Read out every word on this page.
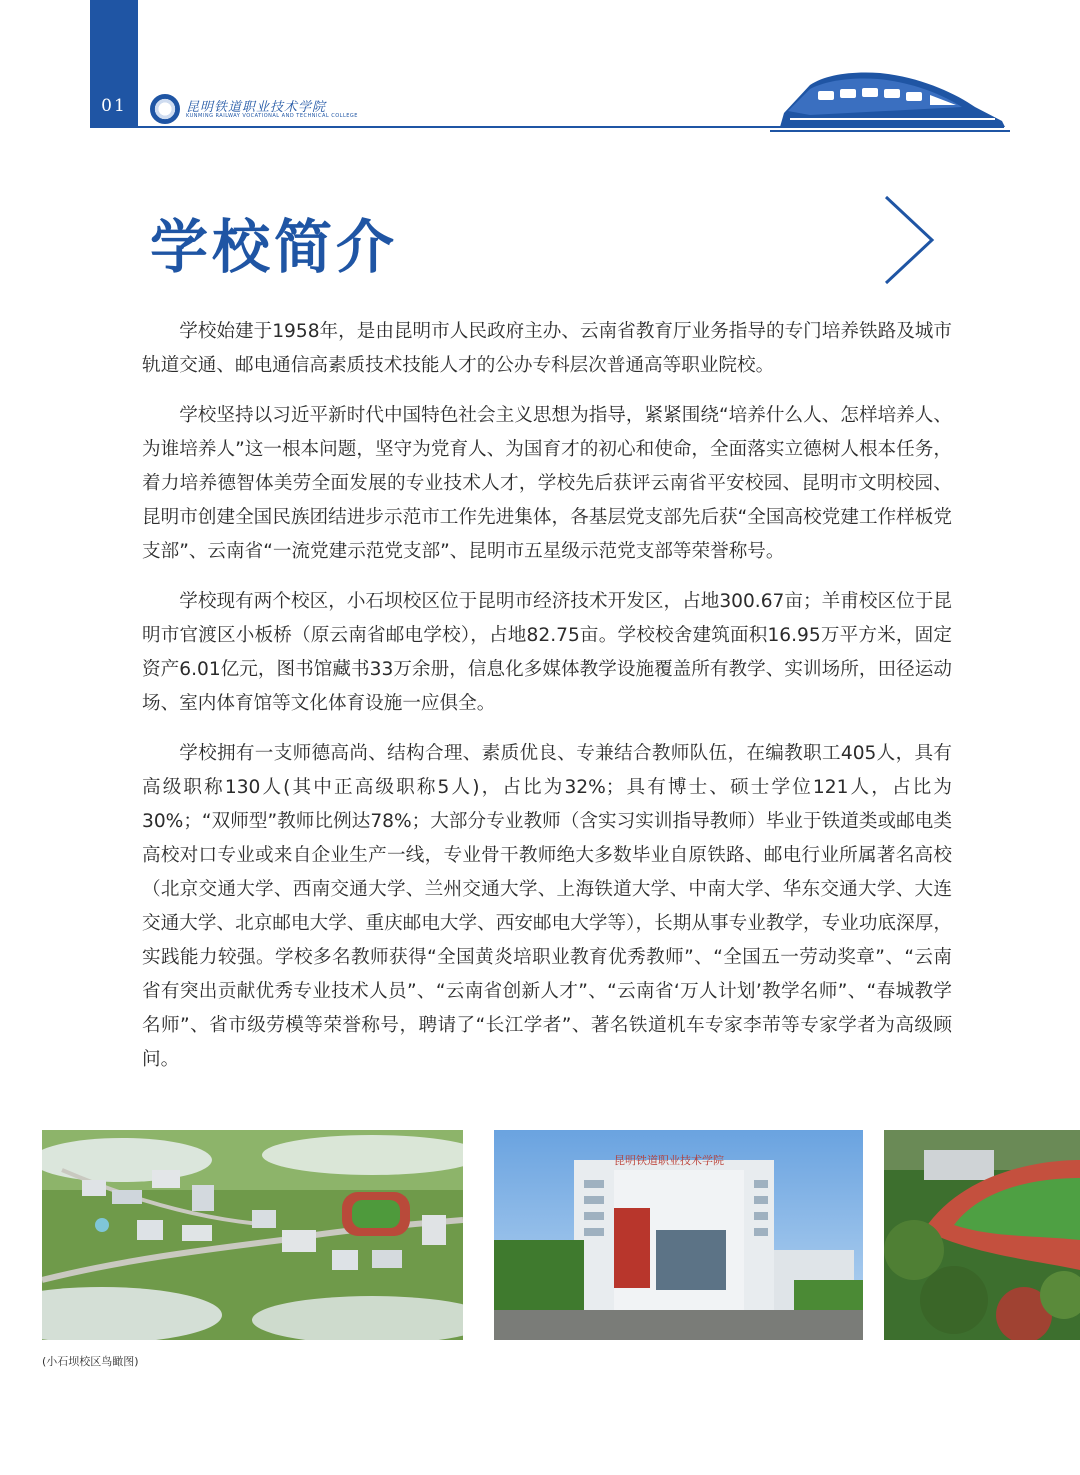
01	昆明铁道职业技术学院
KUNMING RAILWAY VOCATIONAL AND TECHNICAL COLLEGE
学校简介

学校始建于1958年，是由昆明市人民政府主办、云南省教育厅业务指导的专门培养铁路及城市轨道交通、邮电通信高素质技术技能人才的公办专科层次普通高等职业院校。

学校坚持以习近平新时代中国特色社会主义思想为指导，紧紧围绕“培养什么人、怎样培养人、为谁培养人”这一根本问题，坚守为党育人、为国育才的初心和使命，全面落实立德树人根本任务，着力培养德智体美劳全面发展的专业技术人才，学校先后获评云南省平安校园、昆明市文明校园、昆明市创建全国民族团结进步示范市工作先进集体，各基层党支部先后获“全国高校党建工作样板党支部”、云南省“一流党建示范党支部”、昆明市五星级示范党支部等荣誉称号。

学校现有两个校区，小石坝校区位于昆明市经济技术开发区，占地300.67亩；羊甫校区位于昆明市官渡区小板桥（原云南省邮电学校），占地82.75亩。学校校舍建筑面积16.95万平方米，固定资产6.01亿元，图书馆藏书33万余册，信息化多媒体教学设施覆盖所有教学、实训场所，田径运动场、室内体育馆等文化体育设施一应俱全。

学校拥有一支师德高尚、结构合理、素质优良、专兼结合教师队伍，在编教职工405人，具有高级职称130人(其中正高级职称5人)，占比为32%；具有博士、硕士学位121人，占比为30%；“双师型”教师比例达78%；大部分专业教师（含实习实训指导教师）毕业于铁道类或邮电类高校对口专业或来自企业生产一线，专业骨干教师绝大多数毕业自原铁路、邮电行业所属著名高校（北京交通大学、西南交通大学、兰州交通大学、上海铁道大学、中南大学、华东交通大学、大连交通大学、北京邮电大学、重庆邮电大学、西安邮电大学等），长期从事专业教学，专业功底深厚，实践能力较强。学校多名教师获得“全国黄炎培职业教育优秀教师”、“全国五一劳动奖章”、“云南省有突出贡献优秀专业技术人员”、“云南省创新人才”、“云南省‘万人计划’教学名师”、“春城教学名师”、省市级劳模等荣誉称号，聘请了“长江学者”、著名铁道机车专家李芾等专家学者为高级顾问。

昆明铁道职业技术学院
(小石坝校区鸟瞰图)
